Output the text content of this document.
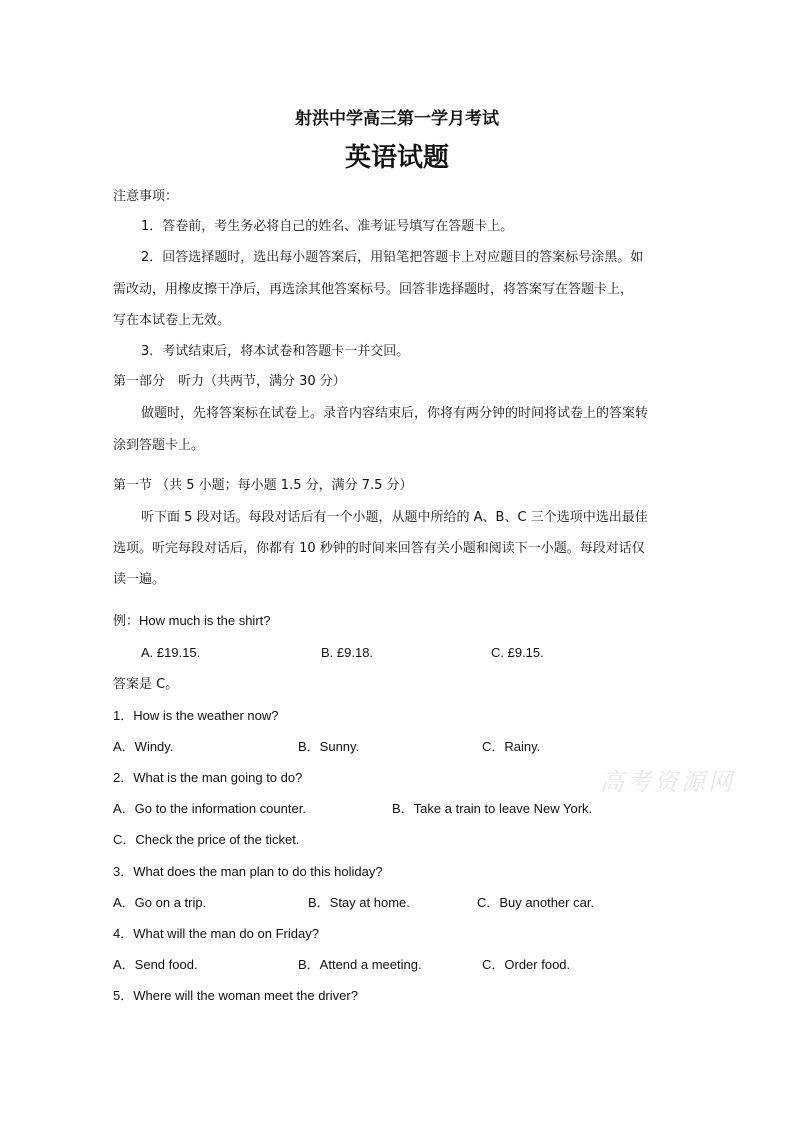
射洪中学高三第一学月考试
英语试题
注意事项：
1．答卷前，考生务必将自己的姓名、准考证号填写在答题卡上。
2．回答选择题时，选出每小题答案后，用铅笔把答题卡上对应题目的答案标号涂黑。如
需改动，用橡皮擦干净后，再选涂其他答案标号。回答非选择题时，将答案写在答题卡上，
写在本试卷上无效。
3．考试结束后，将本试卷和答题卡一并交回。
第一部分　听力（共两节，满分 30 分）
做题时，先将答案标在试卷上。录音内容结束后，你将有两分钟的时间将试卷上的答案转
涂到答题卡上。
第一节 （共 5 小题；每小题 1.5 分，满分 7.5 分）
听下面 5 段对话。每段对话后有一个小题，从题中所给的 A、B、C 三个选项中选出最佳
选项。听完每段对话后，你都有 10 秒钟的时间来回答有关小题和阅读下一小题。每段对话仅
读一遍。
例：How much is the shirt?
A. £19.15.	B. £9.18.	C. £9.15.
答案是 C。
1．How is the weather now?
A．Windy.	B．Sunny.	C．Rainy.
2．What is the man going to do?
A．Go to the information counter.	B．Take a train to leave New York.
C．Check the price of the ticket.
3．What does the man plan to do this holiday?
A．Go on a trip.	B．Stay at home.	C．Buy another car.
4．What will the man do on Friday?
A．Send food.	B．Attend a meeting.	C．Order food.
5．Where will the woman meet the driver?
高考资源网
